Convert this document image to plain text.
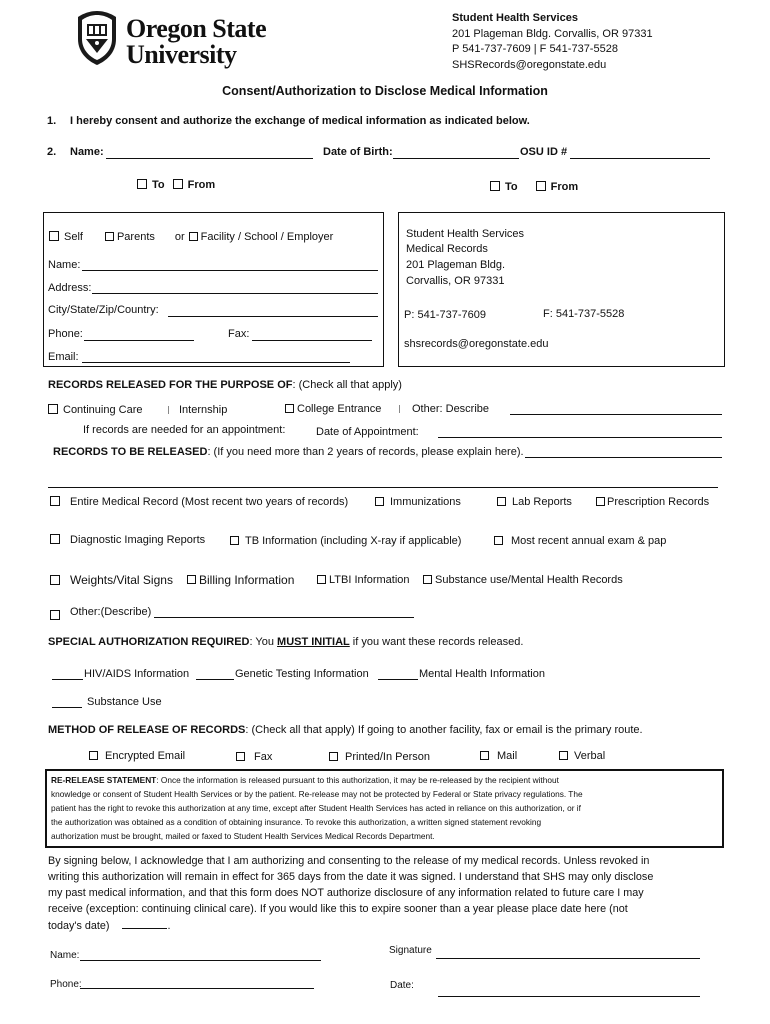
Oregon State
University
Student Health Services
201 Plageman Bldg. Corvallis, OR 97331
P 541-737-7609 | F 541-737-5528
SHSRecords@oregonstate.edu
Consent/Authorization to Disclose Medical Information
1. I hereby consent and authorize the exchange of medical information as indicated below.
2. Name:	Date of Birth:	OSU ID #
To From	To	From
Self	Parents or Facility / School / Employer
Name:
Address:
City/State/Zip/Country:
Phone:	Fax:
Email:
Student Health Services
Medical Records
201 Plageman Bldg.
Corvallis, OR 97331
P: 541-737-7609	F: 541-737-5528
shsrecords@oregonstate.edu
RECORDS RELEASED FOR THE PURPOSE OF: (Check all that apply)
Continuing Care	Internship	College Entrance	Other: Describe
If records are needed for an appointment:	Date of Appointment:
RECORDS TO BE RELEASED: (If you need more than 2 years of records, please explain here).
Entire Medical Record (Most recent two years of records)	Immunizations	Lab Reports	Prescription Records
Diagnostic Imaging Reports	TB Information (including X-ray if applicable)	Most recent annual exam & pap
Weights/Vital Signs	Billing Information	LTBI Information	Substance use/Mental Health Records
Other:(Describe)
SPECIAL AUTHORIZATION REQUIRED: You MUST INITIAL if you want these records released.
HIV/AIDS Information	Genetic Testing Information	Mental Health Information
Substance Use
METHOD OF RELEASE OF RECORDS: (Check all that apply) If going to another facility, fax or email is the primary route.
Encrypted Email	Fax	Printed/In Person	Mail	Verbal
RE-RELEASE STATEMENT: Once the information is released pursuant to this authorization, it may be re-released by the recipient without
knowledge or consent of Student Health Services or by the patient. Re-release may not be protected by Federal or State privacy regulations. The
patient has the right to revoke this authorization at any time, except after Student Health Services has acted in reliance on this authorization, or if
the authorization was obtained as a condition of obtaining insurance. To revoke this authorization, a written signed statement revoking
authorization must be brought, mailed or faxed to Student Health Services Medical Records Department.
By signing below, I acknowledge that I am authorizing and consenting to the release of my medical records. Unless revoked in
writing this authorization will remain in effect for 365 days from the date it was signed. I understand that SHS may only disclose
my past medical information, and that this form does NOT authorize disclosure of any information related to future care I may
receive (exception: continuing clinical care). If you would like this to expire sooner than a year please place date here (not
today's date)	.
Name:	Signature
Phone:	Date:
